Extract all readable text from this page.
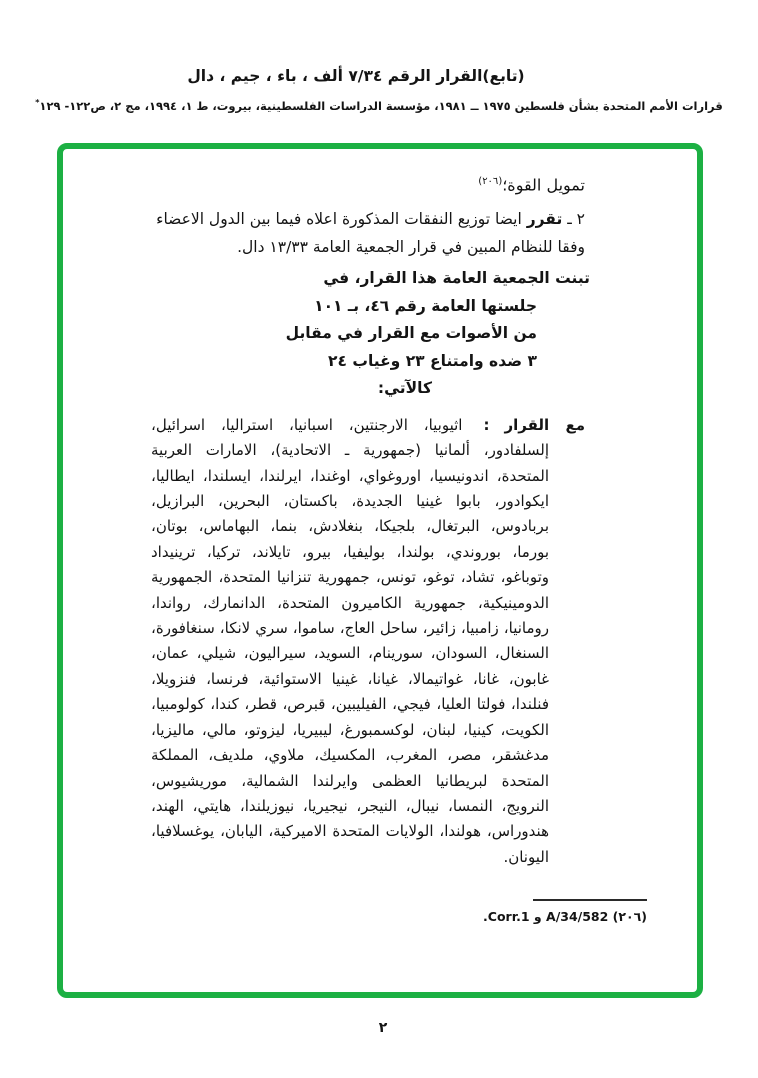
(تابع)القرار الرقم ٧/٣٤ ألف ، باء ، جيم ، دال
قرارات الأمم المتحدة بشأن فلسطين ١٩٧٥ ــ ١٩٨١، مؤسسة الدراسات الفلسطينية، بيروت، ط ١، ١٩٩٤، مج ٢، ص١٢٢- ١٢٩*
تمويل القوة؛$^{(٢٠٦)}$

٢ ـ تقرر ايضا توزيع النفقات المذكورة اعلاه فيما بين الدول الاعضاء وفقا للنظام المبين في قرار الجمعية العامة ١٣/٣٣ دال.

تبنت الجمعية العامة هذا القرار، في
جلستها العامة رقم ٤٦، بـ ١٠١
من الأصوات مع القرار في مقابل
٣ ضده وامتناع ٢٣ وغياب ٢٤
كالآتي:

مع القرار:اثيوبيا، الارجنتين، اسبانيا، استراليا، اسرائيل، إلسلفادور، ألمانيا (جمهورية ـ الاتحادية)، الامارات العربية المتحدة، اندونيسيا، اوروغواي، اوغندا، ايرلندا، ايسلندا، ايطاليا، ايكوادور، بابوا غينيا الجديدة، باكستان، البحرين، البرازيل، بربادوس، البرتغال، بلجيكا، بنغلادش، بنما، البهاماس، بوتان، بورما، بوروندي، بولندا، بوليفيا، بيرو، تايلاند، تركيا، ترينيداد وتوباغو، تشاد، توغو، تونس، جمهورية تنزانيا المتحدة، الجمهورية الدومينيكية، جمهورية الكاميرون المتحدة، الدانمارك، رواندا، رومانيا، زامبيا، زائير، ساحل العاج، ساموا، سري لانكا، سنغافورة، السنغال، السودان، سورينام، السويد، سيراليون، شيلي، عمان، غابون، غانا، غواتيمالا، غيانا، غينيا الاستوائية، فرنسا، فنزويلا، فنلندا، فولتا العليا، فيجي، الفيليبين، قبرص، قطر، كندا، كولومبيا، الكويت، كينيا، لبنان، لوكسمبورغ، ليبيريا، ليزوتو، مالي، ماليزيا، مدغشقر، مصر، المغرب، المكسيك، ملاوي، ملديف، المملكة المتحدة لبريطانيا العظمى وايرلندا الشمالية، موريشيوس، النرويج، النمسا، نيبال، النيجر، نيجيريا، نيوزيلندا، هايتي، الهند، هندوراس، هولندا، الولايات المتحدة الاميركية، اليابان، يوغسلافيا، اليونان.

(٢٠٦) A/34/582 و Corr.1.
٢
